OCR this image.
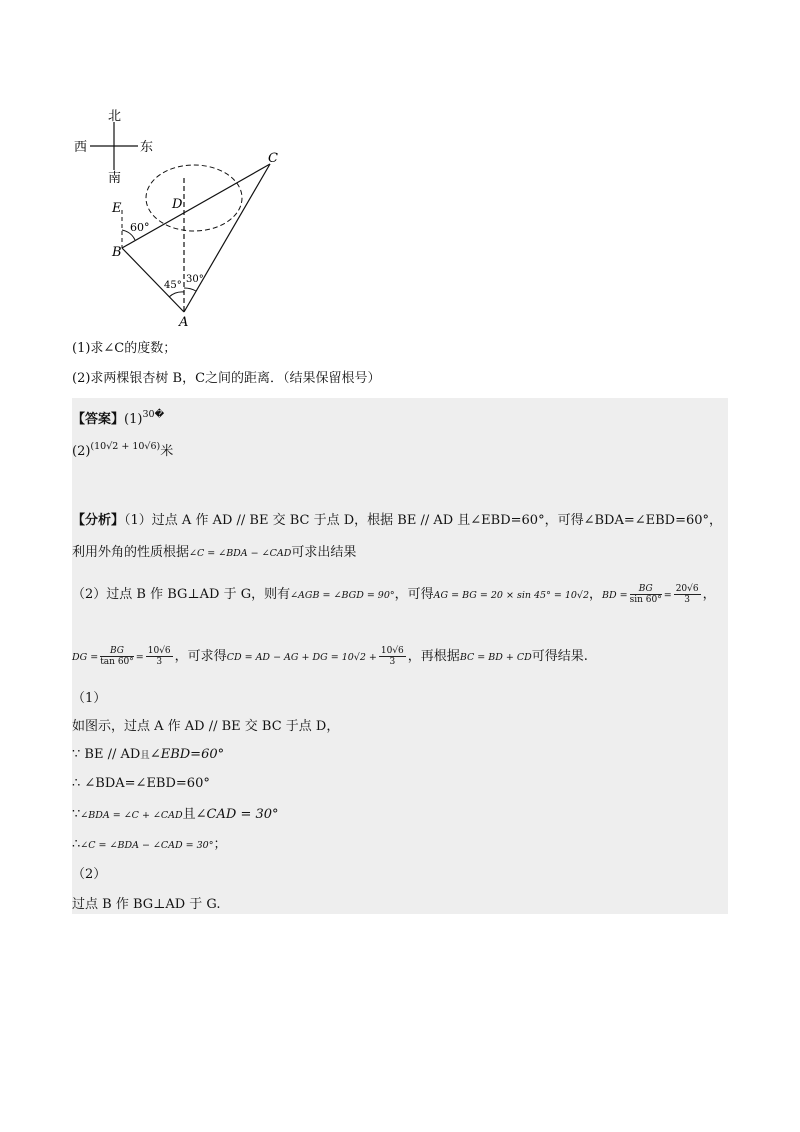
北
南
西	东
60°
45°
30°
C
D
E
B
A
(1)求∠C的度数；
(2)求两棵银杏树 B，C之间的距离．（结果保留根号）
【答案】$(1)^{30�}$
$(2)^{(10√2 + 10√6)}$米
【分析】（1）过点 A 作 AD // BE 交 BC 于点 D，根据 BE // AD 且∠EBD=60°，可得∠BDA=∠EBD=60°，
利用外角的性质根据∠C = ∠BDA − ∠CAD可求出结果
（2）过点 B 作 BG⊥AD 于 G，则有∠AGB = ∠BGD = 90°，可得AG = BG = 20 × sin 45° = 10√2，BD = $\frac{BG}{\sin 60^\circ} = \frac{20√6}{3}$ ，
DG = $\frac{BG}{\tan 60^\circ} = \frac{10√6}{3}$ ，可求得CD = AD − AG + DG = $10√2 + \frac{10√6}{3}$ ，再根据BC = BD + CD可得结果.
（1）
如图示，过点 A 作 AD // BE 交 BC 于点 D，
∵ BE // AD且∠EBD=60°
∴ ∠BDA=∠EBD=60°
∵∠BDA = ∠C + ∠CAD且∠CAD = 30°
∴∠C = ∠BDA − ∠CAD = 30°；
（2）
过点 B 作 BG⊥AD 于 G.
